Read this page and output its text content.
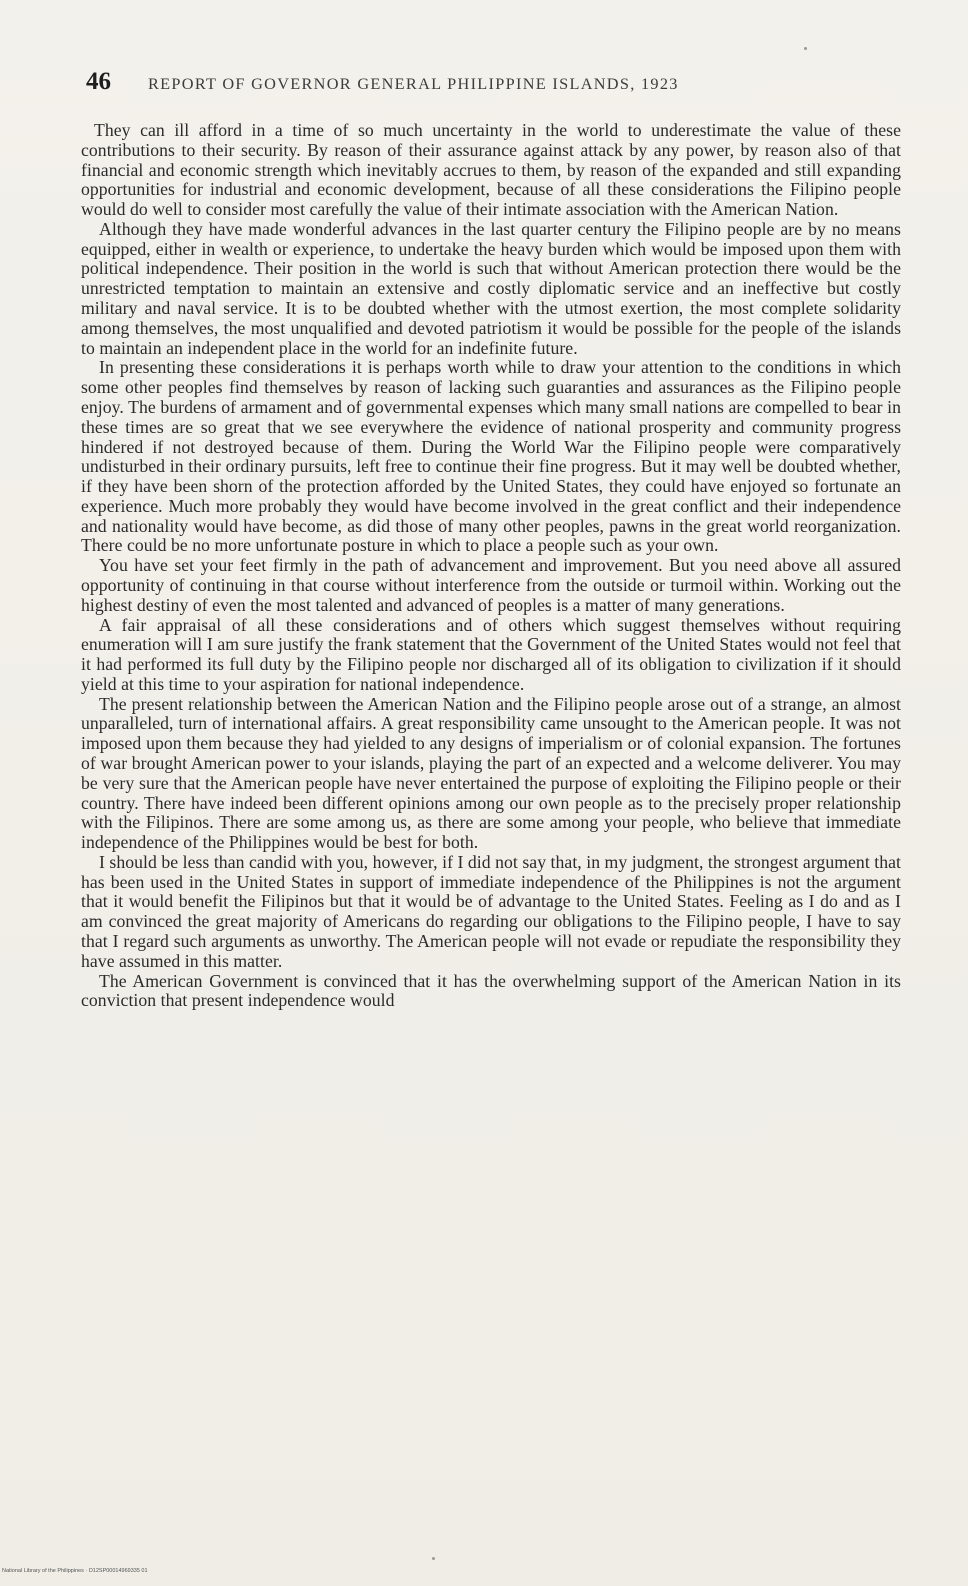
46	REPORT OF GOVERNOR GENERAL PHILIPPINE ISLANDS, 1923

They can ill afford in a time of so much uncertainty in the world to underestimate the value of these contributions to their security. By reason of their assurance against attack by any power, by reason also of that financial and economic strength which inevitably accrues to them, by reason of the expanded and still expanding opportunities for industrial and economic development, because of all these considerations the Filipino people would do well to consider most carefully the value of their intimate association with the American Nation.

Although they have made wonderful advances in the last quarter century the Filipino people are by no means equipped, either in wealth or experience, to undertake the heavy burden which would be imposed upon them with political independence. Their position in the world is such that without American protection there would be the unrestricted temptation to maintain an extensive and costly diplomatic service and an ineffective but costly military and naval service. It is to be doubted whether with the utmost exertion, the most complete solidarity among themselves, the most unqualified and devoted patriotism it would be possible for the people of the islands to maintain an independent place in the world for an indefinite future.

In presenting these considerations it is perhaps worth while to draw your attention to the conditions in which some other peoples find themselves by reason of lacking such guaranties and assurances as the Filipino people enjoy. The burdens of armament and of governmental expenses which many small nations are compelled to bear in these times are so great that we see everywhere the evidence of national prosperity and community progress hindered if not destroyed because of them. During the World War the Filipino people were comparatively undisturbed in their ordinary pursuits, left free to continue their fine progress. But it may well be doubted whether, if they have been shorn of the protection afforded by the United States, they could have enjoyed so fortunate an experience. Much more probably they would have become involved in the great conflict and their independence and nationality would have become, as did those of many other peoples, pawns in the great world reorganization. There could be no more unfortunate posture in which to place a people such as your own.

You have set your feet firmly in the path of advancement and improvement. But you need above all assured opportunity of continuing in that course without interference from the outside or turmoil within. Working out the highest destiny of even the most talented and advanced of peoples is a matter of many generations.

A fair appraisal of all these considerations and of others which suggest themselves without requiring enumeration will I am sure justify the frank statement that the Government of the United States would not feel that it had performed its full duty by the Filipino people nor discharged all of its obligation to civilization if it should yield at this time to your aspiration for national independence.

The present relationship between the American Nation and the Filipino people arose out of a strange, an almost unparalleled, turn of international affairs. A great responsibility came unsought to the American people. It was not imposed upon them because they had yielded to any designs of imperialism or of colonial expansion. The fortunes of war brought American power to your islands, playing the part of an expected and a welcome deliverer. You may be very sure that the American people have never entertained the purpose of exploiting the Filipino people or their country. There have indeed been different opinions among our own people as to the precisely proper relationship with the Filipinos. There are some among us, as there are some among your people, who believe that immediate independence of the Philippines would be best for both.

I should be less than candid with you, however, if I did not say that, in my judgment, the strongest argument that has been used in the United States in support of immediate independence of the Philippines is not the argument that it would benefit the Filipinos but that it would be of advantage to the United States. Feeling as I do and as I am convinced the great majority of Americans do regarding our obligations to the Filipino people, I have to say that I regard such arguments as unworthy. The American people will not evade or repudiate the responsibility they have assumed in this matter.

The American Government is convinced that it has the overwhelming support of the American Nation in its conviction that present independence would

National Library of the Philippines · D12SP00014969335 01
